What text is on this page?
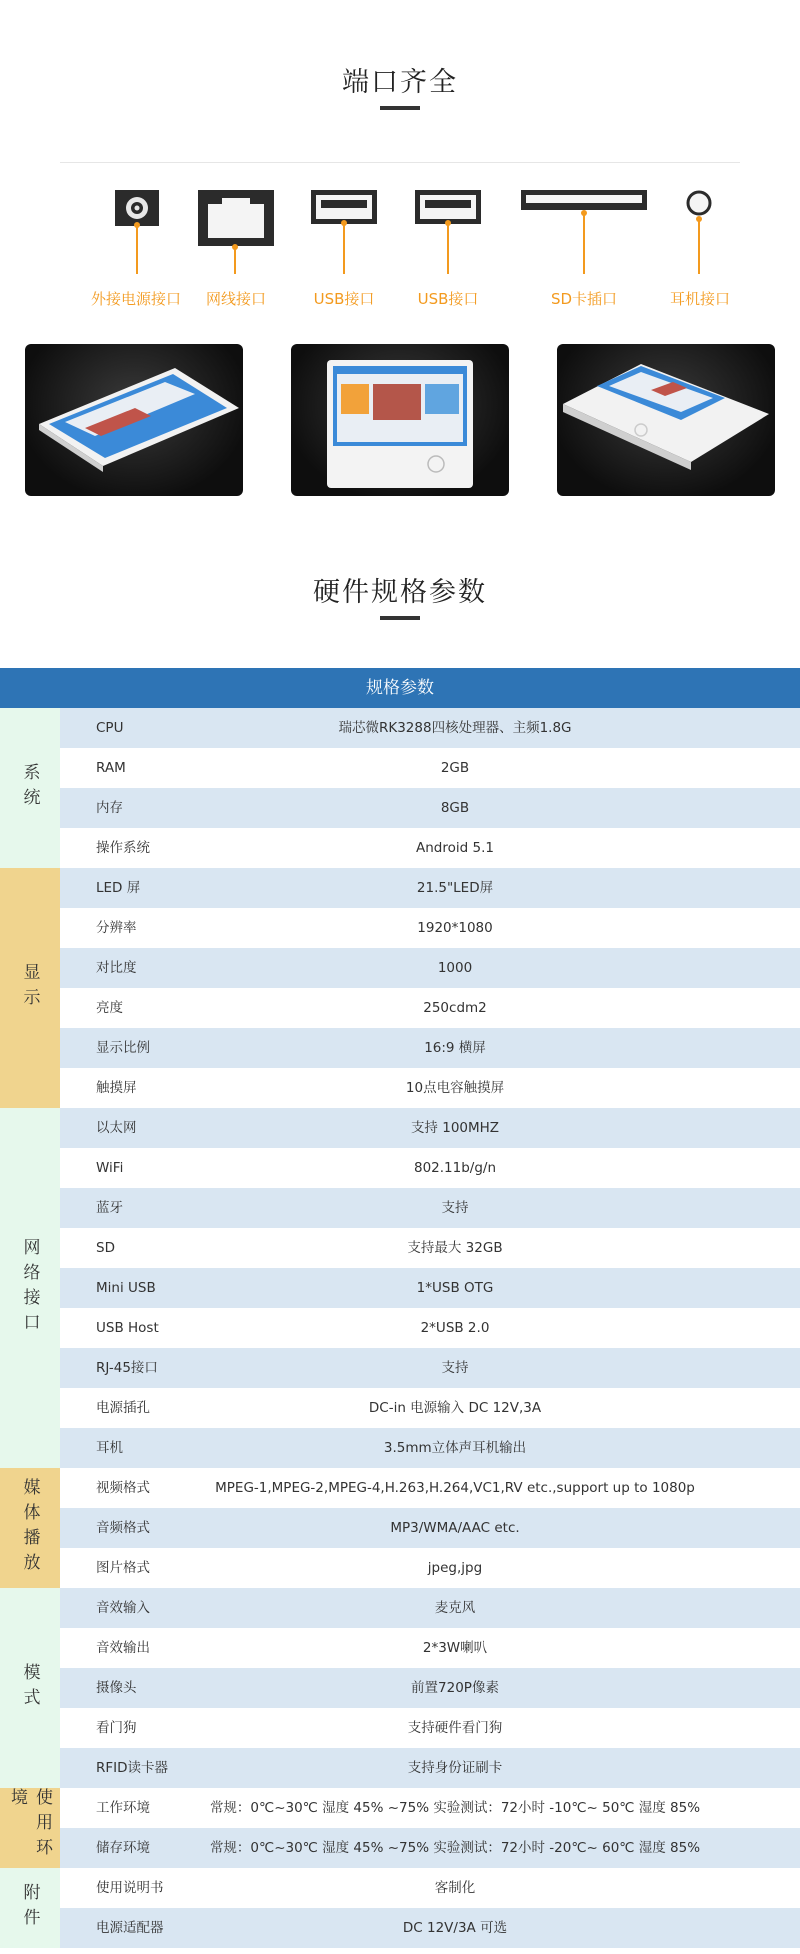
端口齐全
外接电源接口	网线接口	USB接口	USB接口	SD卡插口	耳机接口
硬件规格参数
规格参数
系统
CPU	瑞芯微RK3288四核处理器、主频1.8G
RAM	2GB
内存	8GB
操作系统	Android 5.1
显示
LED 屏	21.5"LED屏
分辨率	1920*1080
对比度	1000
亮度	250cdm2
显示比例	16:9 横屏
触摸屏	10点电容触摸屏
网络接口
以太网	支持 100MHZ
WiFi	802.11b/g/n
蓝牙	支持
SD	支持最大 32GB
Mini USB	1*USB OTG
USB Host	2*USB 2.0
RJ-45接口	支持
电源插孔	DC-in 电源输入 DC 12V,3A
耳机	3.5mm立体声耳机输出
媒体播放	视频格式	MPEG-1,MPEG-2,MPEG-4,H.263,H.264,VC1,RV etc.,support up to 1080p
音频格式	MP3/WMA/AAC etc.
图片格式	jpeg,jpg
模式
音效输入	麦克风
音效输出	2*3W喇叭
摄像头	前置720P像素
看门狗	支持硬件看门狗
RFID读卡器	支持身份证刷卡
使用环境	工作环境	常规：0℃~30℃ 湿度 45% ~75% 实验测试：72小时 -10℃~ 50℃ 湿度 85%
储存环境	常规：0℃~30℃ 湿度 45% ~75% 实验测试：72小时 -20℃~ 60℃ 湿度 85%
附件	使用说明书	客制化
电源适配器	DC 12V/3A 可选
